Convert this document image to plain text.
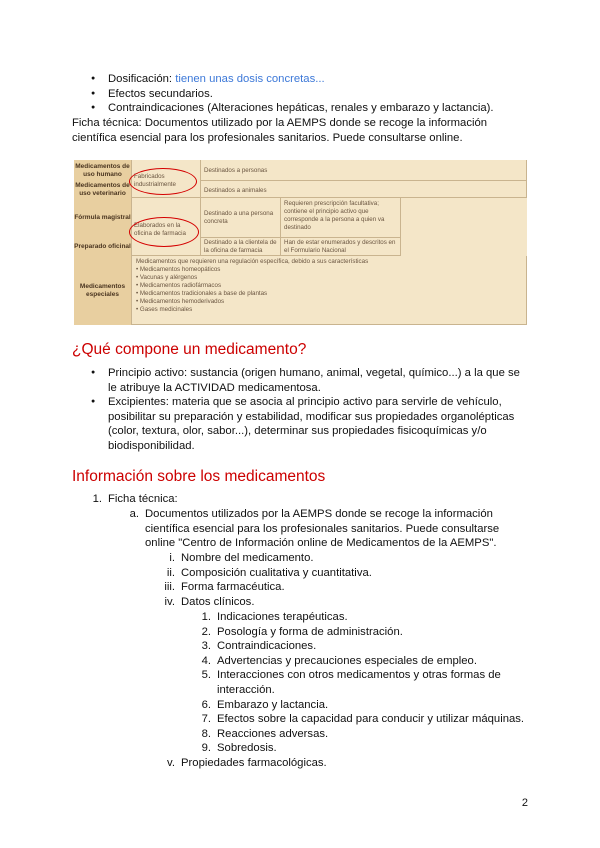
● Dosificación: tienen unas dosis concretas...
● Efectos secundarios.
● Contraindicaciones (Alteraciones hepáticas, renales y embarazo y lactancia).
Ficha técnica: Documentos utilizado por la AEMPS donde se recoge la información científica esencial para los profesionales sanitarios. Puede consultarse online.
Medicamentos de uso humano	Fabricados industrialmente
Destinados a personas
Medicamentos de uso veterinario	Destinados a animales
Fórmula magistral
Elaborados en la oficina de farmacia
Destinado a una persona concreta
Requieren prescripción facultativa; contiene el principio activo que corresponde a la persona a quien va destinado
Preparado oficinal
Destinado a la clientela de la oficina de farmacia
Han de estar enumerados y descritos en el Formulario Nacional
Medicamentos especiales
Medicamentos que requieren una regulación específica, debido a sus características
• Medicamentos homeopáticos
• Vacunas y alérgenos
• Medicamentos radiofármacos
• Medicamentos tradicionales a base de plantas
• Medicamentos hemoderivados
• Gases medicinales
¿Qué compone un medicamento?
● Principio activo: sustancia (origen humano, animal, vegetal, químico...) a la que se le atribuye la ACTIVIDAD medicamentosa.
● Excipientes: materia que se asocia al principio activo para servirle de vehículo, posibilitar su preparación y estabilidad, modificar sus propiedades organolépticas (color, textura, olor, sabor...), determinar sus propiedades fisicoquímicas y/o biodisponibilidad.
Información sobre los medicamentos
1. Ficha técnica:
a. Documentos utilizados por la AEMPS donde se recoge la información científica esencial para los profesionales sanitarios. Puede consultarse online "Centro de Información online de Medicamentos de la AEMPS".
i. Nombre del medicamento.
ii. Composición cualitativa y cuantitativa.
iii. Forma farmacéutica.
iv. Datos clínicos.
1. Indicaciones terapéuticas.
2. Posología y forma de administración.
3. Contraindicaciones.
4. Advertencias y precauciones especiales de empleo.
5. Interacciones con otros medicamentos y otras formas de interacción.
6. Embarazo y lactancia.
7. Efectos sobre la capacidad para conducir y utilizar máquinas.
8. Reacciones adversas.
9. Sobredosis.
v. Propiedades farmacológicas.
2
